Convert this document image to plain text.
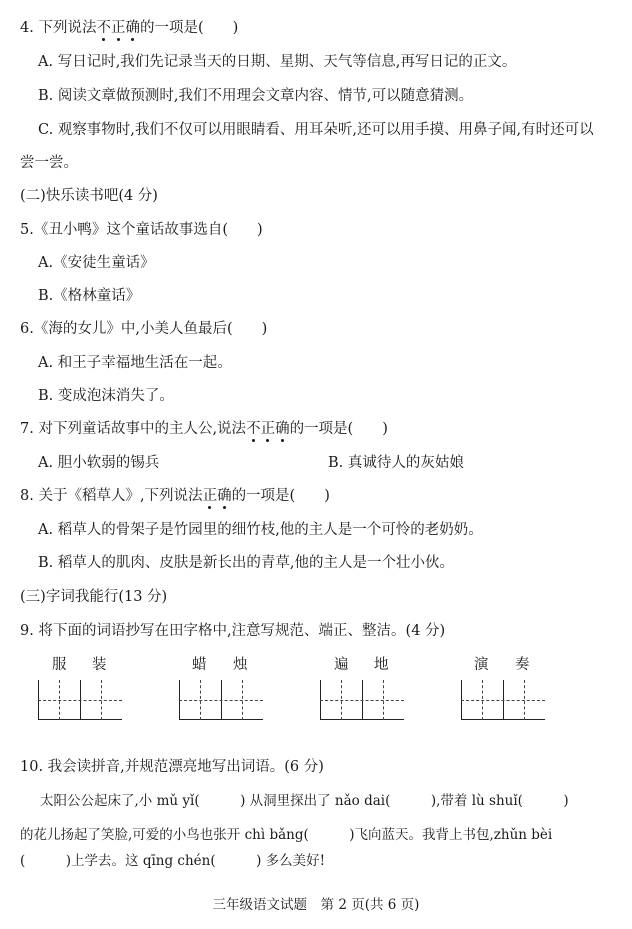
4. 下列说法不正确的一项是(　　)
A. 写日记时,我们先记录当天的日期、星期、天气等信息,再写日记的正文。
B. 阅读文章做预测时,我们不用理会文章内容、情节,可以随意猜测。
C. 观察事物时,我们不仅可以用眼睛看、用耳朵听,还可以用手摸、用鼻子闻,有时还可以
尝一尝。
(二)快乐读书吧(4 分)
5.《丑小鸭》这个童话故事选自(　　)
A.《安徒生童话》
B.《格林童话》
6.《海的女儿》中,小美人鱼最后(　　)
A. 和王子幸福地生活在一起。
B. 变成泡沫消失了。
7. 对下列童话故事中的主人公,说法不正确的一项是(　　)
A. 胆小软弱的锡兵	B. 真诚待人的灰姑娘
8. 关于《稻草人》,下列说法正确的一项是(　　)
A. 稻草人的骨架子是竹园里的细竹枝,他的主人是一个可怜的老奶奶。
B. 稻草人的肌肉、皮肤是新长出的青草,他的主人是一个壮小伙。
(三)字词我能行(13 分)
9. 将下面的词语抄写在田字格中,注意写规范、端正、整洁。(4 分)
服 装	蜡 烛	遍 地	演 奏
10. 我会读拼音,并规范漂亮地写出词语。(6 分)
太阳公公起床了,小 mǔ yǐ(　　　) 从洞里探出了 nǎo dai(　　　),带着 lù shuǐ(　　　)
的花儿扬起了笑脸,可爱的小鸟也张开 chì bǎng(　　　)飞向蓝天。我背上书包,zhǔn bèi
(　　　)上学去。这 qīng chén(　　　) 多么美好!
三年级语文试题　第 2 页(共 6 页)
